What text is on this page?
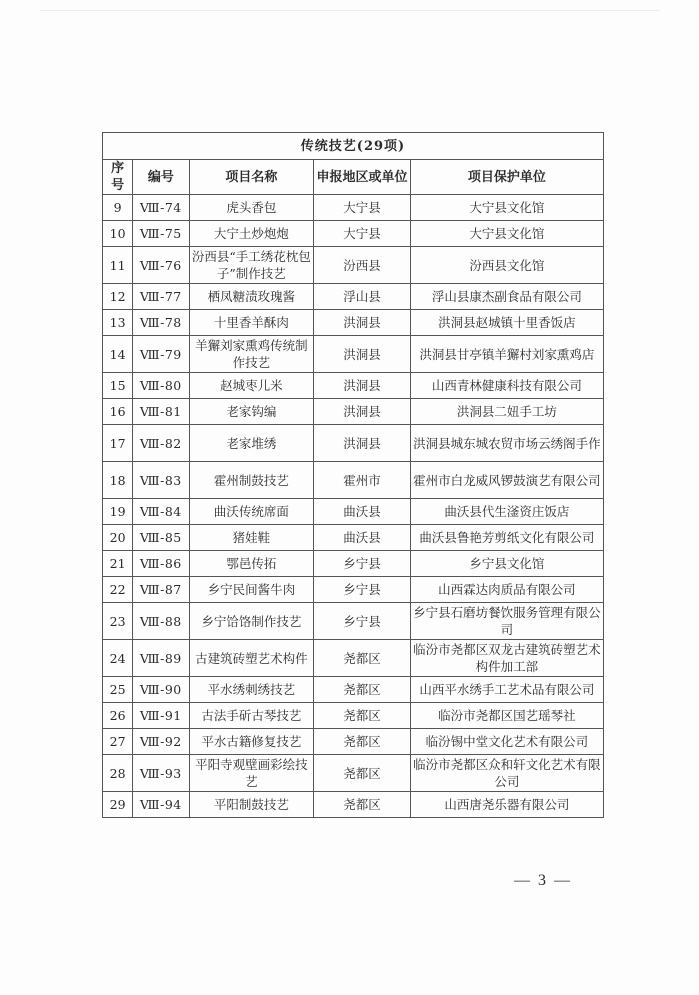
传统技艺(29项)				
序号	编号	项目名称	申报地区或单位	项目保护单位
9	Ⅷ-74	虎头香包	大宁县	大宁县文化馆
10	Ⅷ-75	大宁土炒炮炮	大宁县	大宁县文化馆
11	Ⅷ-76	汾西县“手工绣花枕包子”制作技艺	汾西县	汾西县文化馆
12	Ⅷ-77	栖凤糖渍玫瑰酱	浮山县	浮山县康杰副食品有限公司
13	Ⅷ-78	十里香羊酥肉	洪洞县	洪洞县赵城镇十里香饭店
14	Ⅷ-79	羊獬刘家熏鸡传统制作技艺	洪洞县	洪洞县甘亭镇羊獬村刘家熏鸡店
15	Ⅷ-80	赵城枣儿米	洪洞县	山西青林健康科技有限公司
16	Ⅷ-81	老家钩编	洪洞县	洪洞县二妞手工坊
17	Ⅷ-82	老家堆绣	洪洞县	洪洞县城东城农贸市场云绣阁手作
18	Ⅷ-83	霍州制鼓技艺	霍州市	霍州市白龙威风锣鼓演艺有限公司
19	Ⅷ-84	曲沃传统席面	曲沃县	曲沃县代生滏资庄饭店
20	Ⅷ-85	猪娃鞋	曲沃县	曲沃县鲁艳芳剪纸文化有限公司
21	Ⅷ-86	鄂邑传拓	乡宁县	乡宁县文化馆
22	Ⅷ-87	乡宁民间酱牛肉	乡宁县	山西霖达肉质品有限公司
23	Ⅷ-88	乡宁饸饹制作技艺	乡宁县	乡宁县石磨坊餐饮服务管理有限公司
24	Ⅷ-89	古建筑砖塑艺术构件	尧都区	临汾市尧都区双龙古建筑砖塑艺术构件加工部
25	Ⅷ-90	平水绣刺绣技艺	尧都区	山西平水绣手工艺术品有限公司
26	Ⅷ-91	古法手斫古琴技艺	尧都区	临汾市尧都区国艺瑶琴社
27	Ⅷ-92	平水古籍修复技艺	尧都区	临汾锡中堂文化艺术有限公司
28	Ⅷ-93	平阳寺观壁画彩绘技艺	尧都区	临汾市尧都区众和轩文化艺术有限公司
29	Ⅷ-94	平阳制鼓技艺	尧都区	山西唐尧乐器有限公司
— 3 —
